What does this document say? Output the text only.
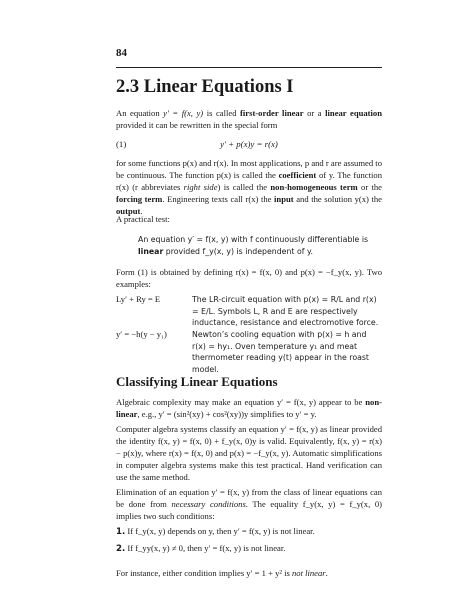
84
2.3 Linear Equations I
An equation y′ = f(x, y) is called first-order linear or a linear equation provided it can be rewritten in the special form
(1)	y′ + p(x)y = r(x)
for some functions p(x) and r(x). In most applications, p and r are assumed to be continuous. The function p(x) is called the coefficient of y. The function r(x) (r abbreviates right side) is called the non-homogeneous term or the forcing term. Engineering texts call r(x) the input and the solution y(x) the output.
A practical test:
An equation y′ = f(x, y) with f continuously differentiable is linear provided f_y(x, y) is independent of y.
Form (1) is obtained by defining r(x) = f(x, 0) and p(x) = −f_y(x, y). Two examples:
Ly′ + Ry = E	The LR-circuit equation with p(x) = R/L and r(x) = E/L. Symbols L, R and E are respectively inductance, resistance and electromotive force.
y′ = −h(y − y₁)	Newton’s cooling equation with p(x) = h and r(x) = hy₁. Oven temperature y₁ and meat thermometer reading y(t) appear in the roast model.
Classifying Linear Equations
Algebraic complexity may make an equation y′ = f(x, y) appear to be non-linear, e.g., y′ = (sin²(xy) + cos²(xy))y simplifies to y′ = y.
Computer algebra systems classify an equation y′ = f(x, y) as linear provided the identity f(x, y) = f(x, 0) + f_y(x, 0)y is valid. Equivalently, f(x, y) = r(x) − p(x)y, where r(x) = f(x, 0) and p(x) = −f_y(x, y). Automatic simplifications in computer algebra systems make this test practical. Hand verification can use the same method.
Elimination of an equation y′ = f(x, y) from the class of linear equations can be done from necessary conditions. The equality f_y(x, y) = f_y(x, 0) implies two such conditions:
1. If f_y(x, y) depends on y, then y′ = f(x, y) is not linear.
2. If f_yy(x, y) ≠ 0, then y′ = f(x, y) is not linear.
For instance, either condition implies y′ = 1 + y² is not linear.
